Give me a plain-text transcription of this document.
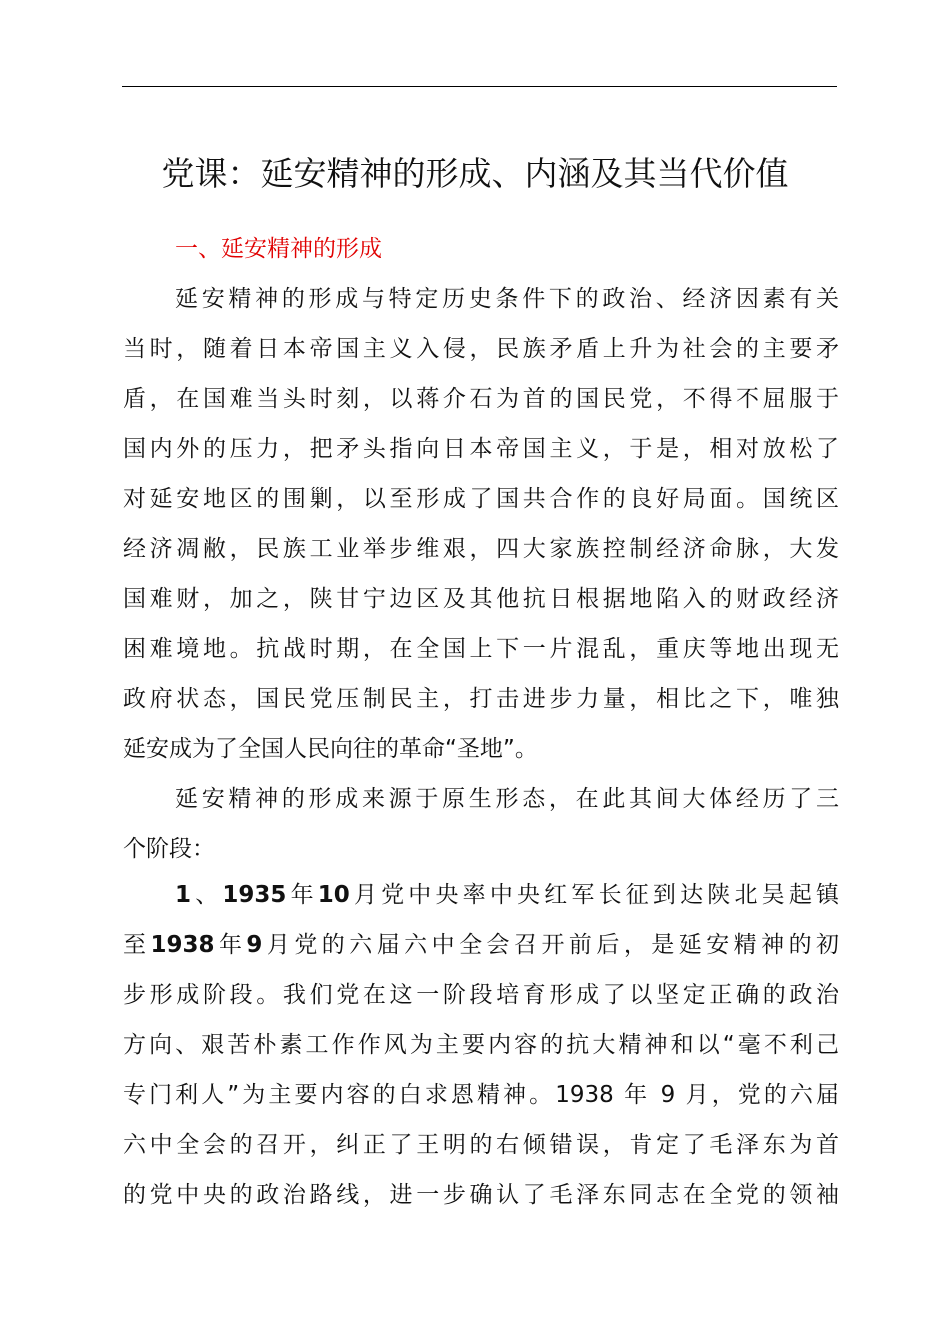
党课：延安精神的形成、内涵及其当代价值
一、延安精神的形成
延安精神的形成与特定历史条件下的政治、经济因素有关
当时，随着日本帝国主义入侵，民族矛盾上升为社会的主要矛
盾，在国难当头时刻，以蒋介石为首的国民党，不得不屈服于
国内外的压力，把矛头指向日本帝国主义，于是，相对放松了
对延安地区的围剿，以至形成了国共合作的良好局面。国统区
经济凋敝，民族工业举步维艰，四大家族控制经济命脉，大发
国难财，加之，陕甘宁边区及其他抗日根据地陷入的财政经济
困难境地。抗战时期，在全国上下一片混乱，重庆等地出现无
政府状态，国民党压制民主，打击进步力量，相比之下，唯独
延安成为了全国人民向往的革命“圣地”。
延安精神的形成来源于原生形态，在此其间大体经历了三
个阶段：
1、1935年10月党中央率中央红军长征到达陕北吴起镇
至1938年9月党的六届六中全会召开前后，是延安精神的初
步形成阶段。我们党在这一阶段培育形成了以坚定正确的政治
方向、艰苦朴素工作作风为主要内容的抗大精神和以“毫不利己
专门利人”为主要内容的白求恩精神。1938 年 9 月，党的六届
六中全会的召开，纠正了王明的右倾错误，肯定了毛泽东为首
的党中央的政治路线，进一步确认了毛泽东同志在全党的领袖
